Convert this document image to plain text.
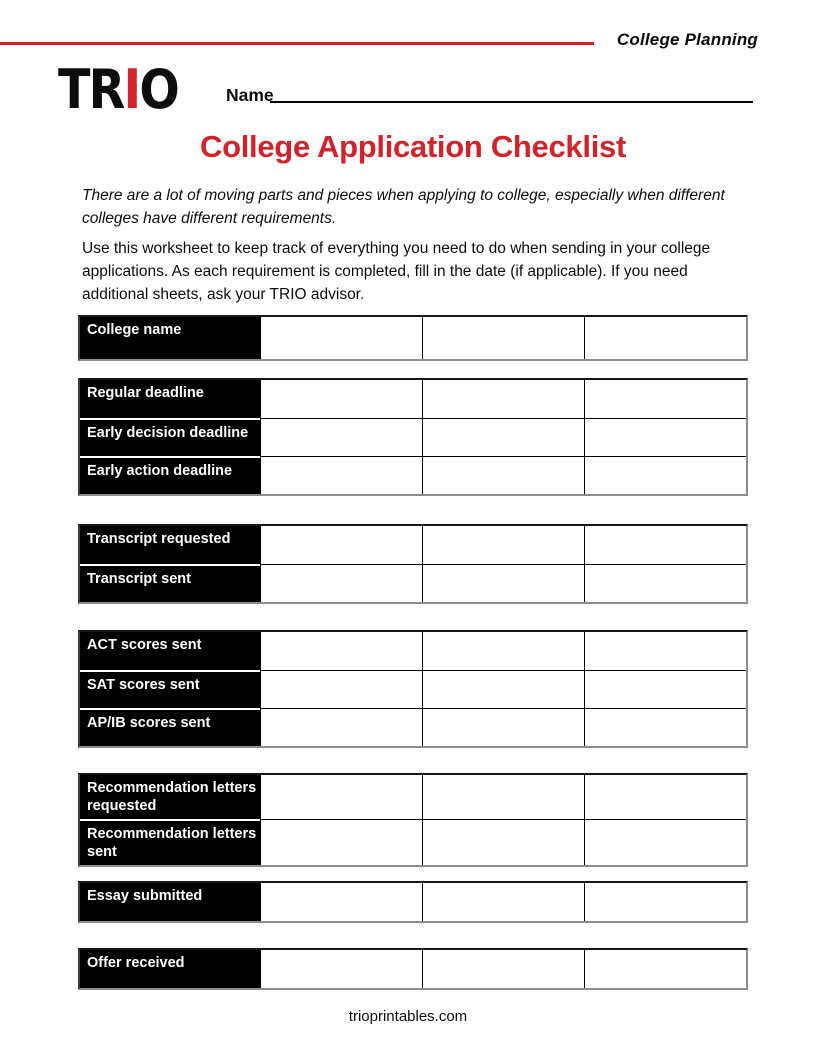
College Planning
TRIO	Name
College Application Checklist

There are a lot of moving parts and pieces when applying to college, especially when different colleges have different requirements.

Use this worksheet to keep track of everything you need to do when sending in your college applications. As each requirement is completed, fill in the date (if applicable). If you need additional sheets, ask your TRIO advisor.

College name
Regular deadline
Early decision deadline
Early action deadline
Transcript requested
Transcript sent
ACT scores sent
SAT scores sent
AP/IB scores sent
Recommendation letters requested
Recommendation letters sent
Essay submitted
Offer received
trioprintables.com
